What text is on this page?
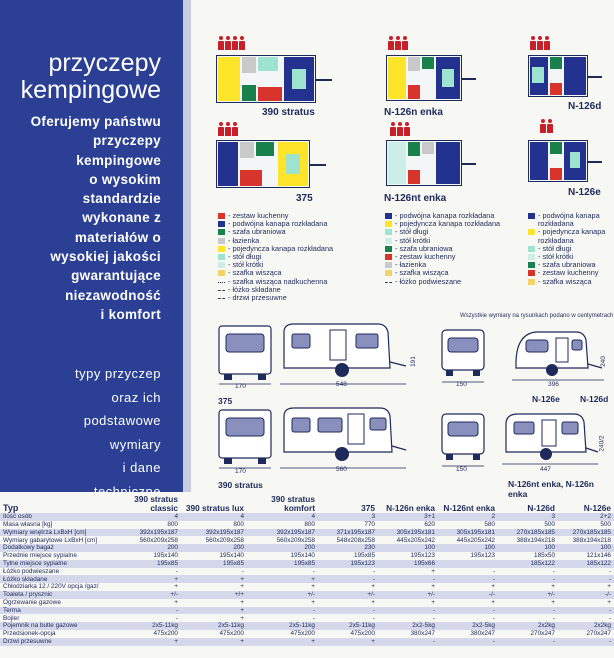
przyczepy
kempingowe
Oferujemy państwu
przyczepy
kempingowe
o wysokim
standardzie
wykonane z
materiałów o
wysokiej jakości
gwarantujące
niezawodność
i komfort
typy przyczep
oraz ich
podstawowe
wymiary
i dane
techniczne
390 stratus	N-126n enka
N-126d
375	N-126nt enka
N-126e
- zestaw kuchenny
- podwójna kanapa rozkładana
- szafa ubraniowa
- łazienka
- pojedyncza kanapa rozkładana
- stół długi
- stół krótki
- szafka wisząca
- szafka wisząca nadkuchenna
- łóżko składane
- drzwi przesuwne
- podwójna kanapa rozkładana
- pojedyncza kanapa rozkładana
- stół długi
- stół krótki
- szafa ubraniowa
- zestaw kuchenny
- łazienka
- szafka wisząca
- łóżko podwieszane
- podwójna kanapa rozkładana
- pojedyncza kanapa rozkładana
- stół długi
- stół krótki
- szafa ubraniowa
- zestaw kuchenny
- szafka wisząca
Wszystkie wymiary na rysunkach podano w centymetrach
170
375
548
191
150	396
240
N-126e N-126d
170
390 stratus
560	150	447
240/2
N-126nt enka, N-126n enka
Typ	390 stratus classic	390 stratus lux	390 stratus komfort	375	N-126n enka	N-126nt enka	N-126d	N-126e
Ilość osób	4	4	4	3	3+1	2	3	2+2
Masa własna [kg]	800	800	800	770	620	580	500	500
Wymiary wnętrza LxBxH [cm]	392x195x187	392x195x187	392x195x187	371x195x187	305x195x181	305x195x181	270x185x185	270x185x185
Wymiary gabarytowe LxBxH [cm]	560x209x258	560x209x258	560x209x258	548x208x258	445x205x242	445x205x242	388x194x218	388x194x218
Dodatkowy bagaż	200	200	200	230	100	100	100	100
Przednie miejsce sypialne	195x140	195x140	195x140	195x85	195x123	195x123	185x50	121x146
Tylne miejsce sypialne	195x85	195x85	195x85	195x123	195x66		185x122	185x122
Łóżko podwieszane	-	-	-	-	+	-	-	-
Łóżko składane	+	+	+	-	-	-	-	-
Chłodziarka 12 / 220V opcja /gaz/	+	+	+	+	+	+	+	+
Toaleta / prysznic	+/-	+/+	+/-	+/-	+/-	-/-	+/-	-/-
Ogrzewanie gazowe	+	+	+	+	+	+	+	+
Terma	-	+	-	-	-	-	-	-
Bojler	-	+	-	-	-	-	-	-
Pojemnik na butle gazowe	2x5-11kg	2x5-11kg	2x5-11kg	2x5-11kg	2x2-5kg	2x2-5kg	2x2kg	2x2kg
Przedsionek-opcja	475x200	475x200	475x200	475x200	380x247	380x247	270x247	270x247
Drzwi przesuwne	+	+	+	+	-	-	-	-
